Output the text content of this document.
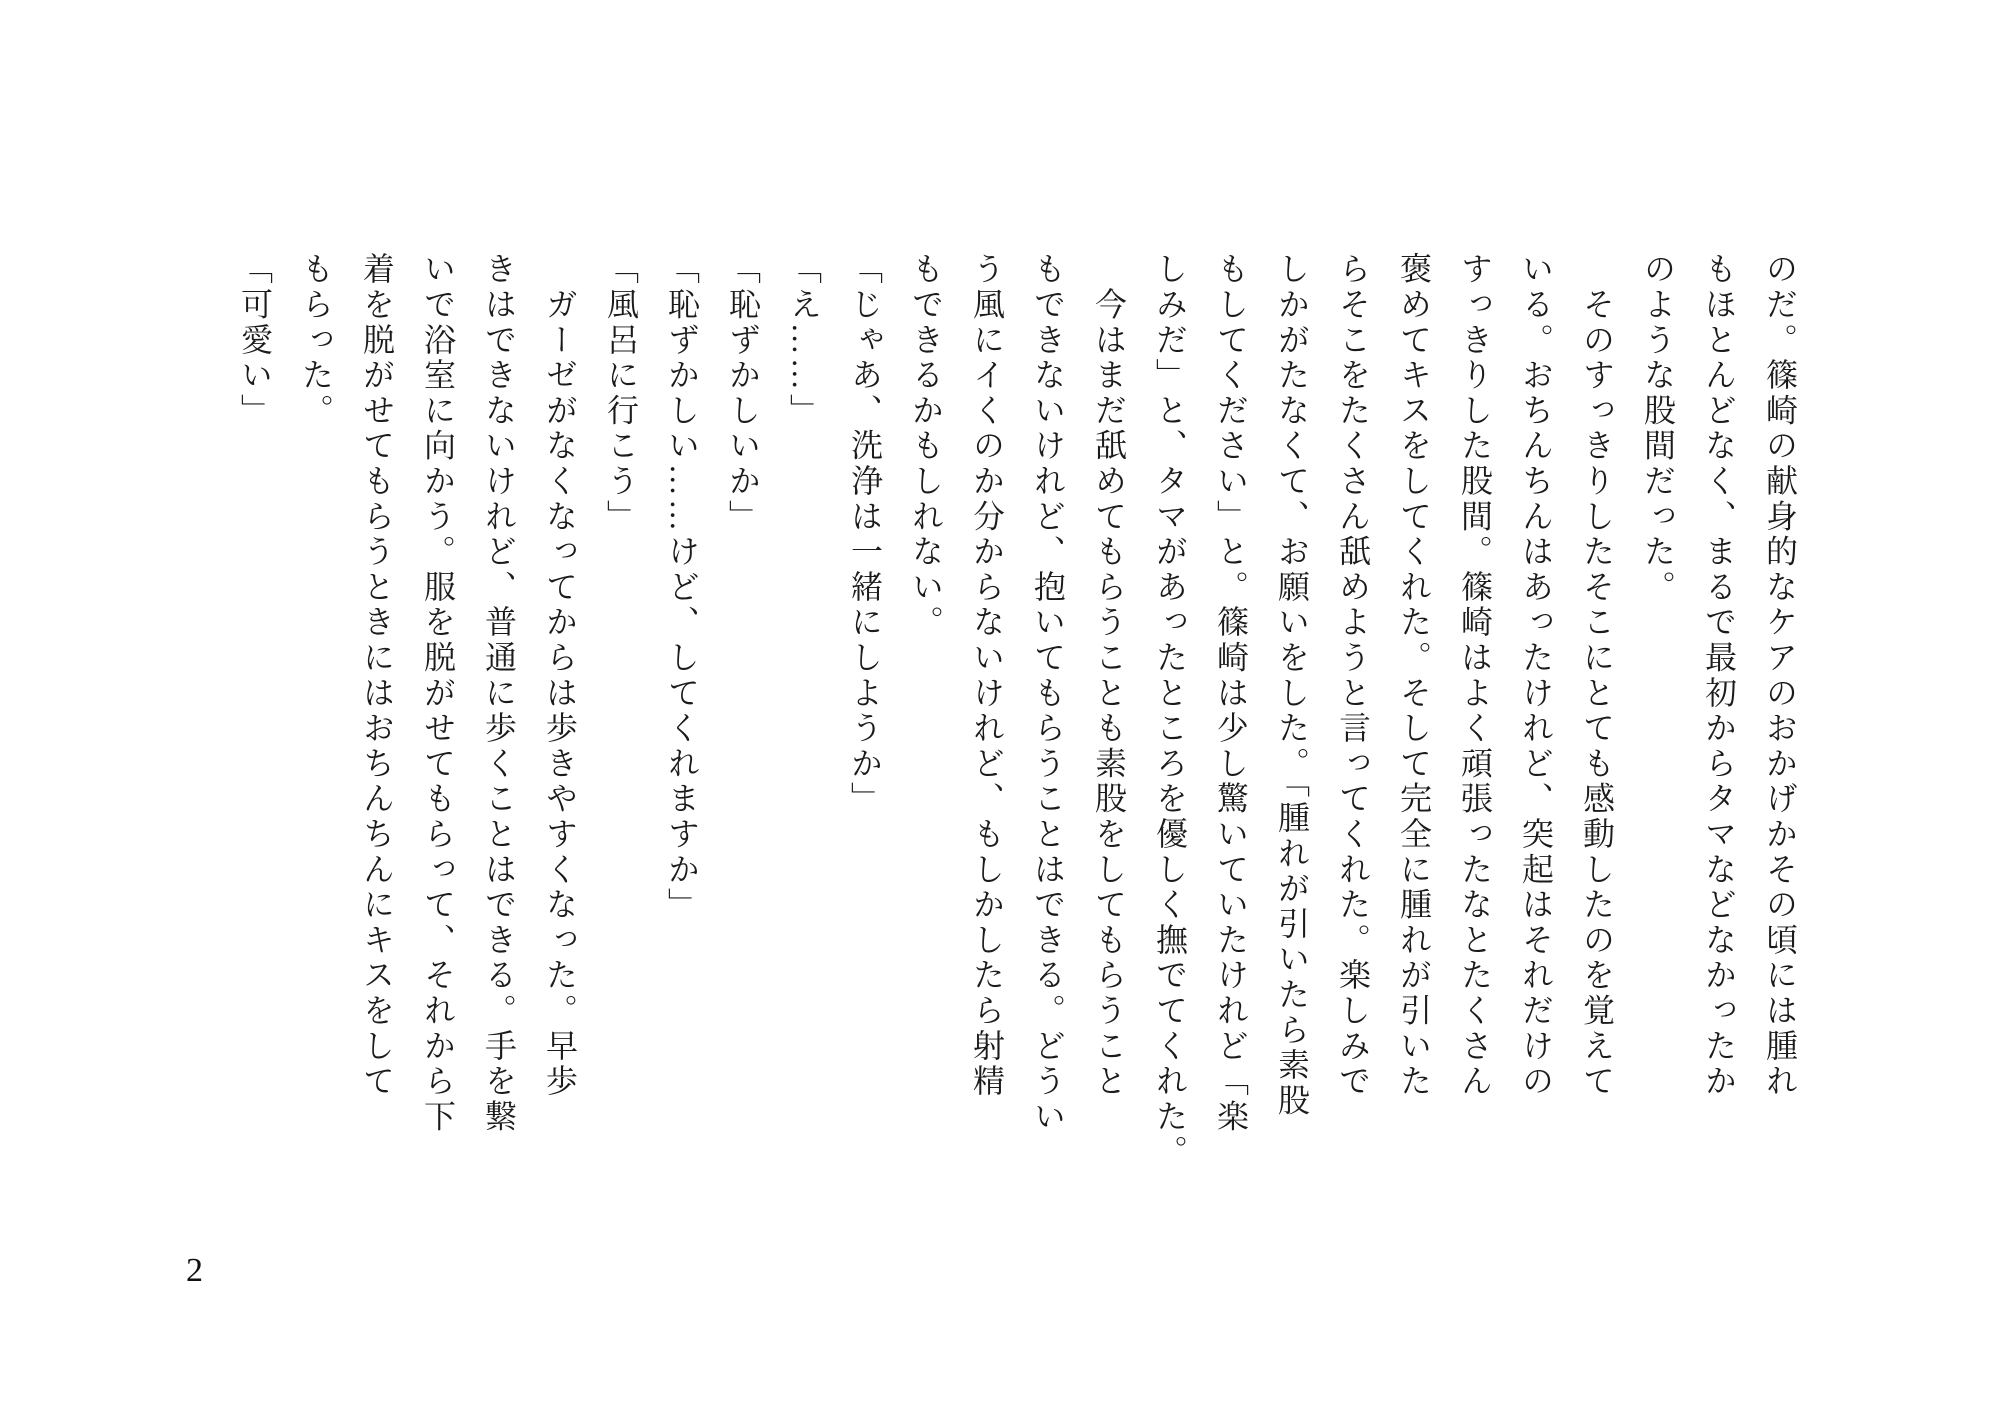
のだ。篠崎の献身的なケアのおかげかその頃には腫れ
もほとんどなく、まるで最初からタマなどなかったか
のような股間だった。
　そのすっきりしたそこにとても感動したのを覚えて
いる。おちんちんはあったけれど、突起はそれだけの
すっきりした股間。篠崎はよく頑張ったなとたくさん
褒めてキスをしてくれた。そして完全に腫れが引いた
らそこをたくさん舐めようと言ってくれた。楽しみで
しかがたなくて、お願いをした。「腫れが引いたら素股
もしてください」と。篠崎は少し驚いていたけれど「楽
しみだ」と、タマがあったところを優しく撫でてくれた。
　今はまだ舐めてもらうことも素股をしてもらうこと
もできないけれど、抱いてもらうことはできる。どうい
う風にイくのか分からないけれど、もしかしたら射精
もできるかもしれない。
「じゃあ、洗浄は一緒にしようか」
「え……」
「恥ずかしいか」
「恥ずかしい……けど、してくれますか」
「風呂に行こう」
　ガーゼがなくなってからは歩きやすくなった。早歩
きはできないけれど、普通に歩くことはできる。手を繋
いで浴室に向かう。服を脱がせてもらって、それから下
着を脱がせてもらうときにはおちんちんにキスをして
もらった。
「可愛い」
2
